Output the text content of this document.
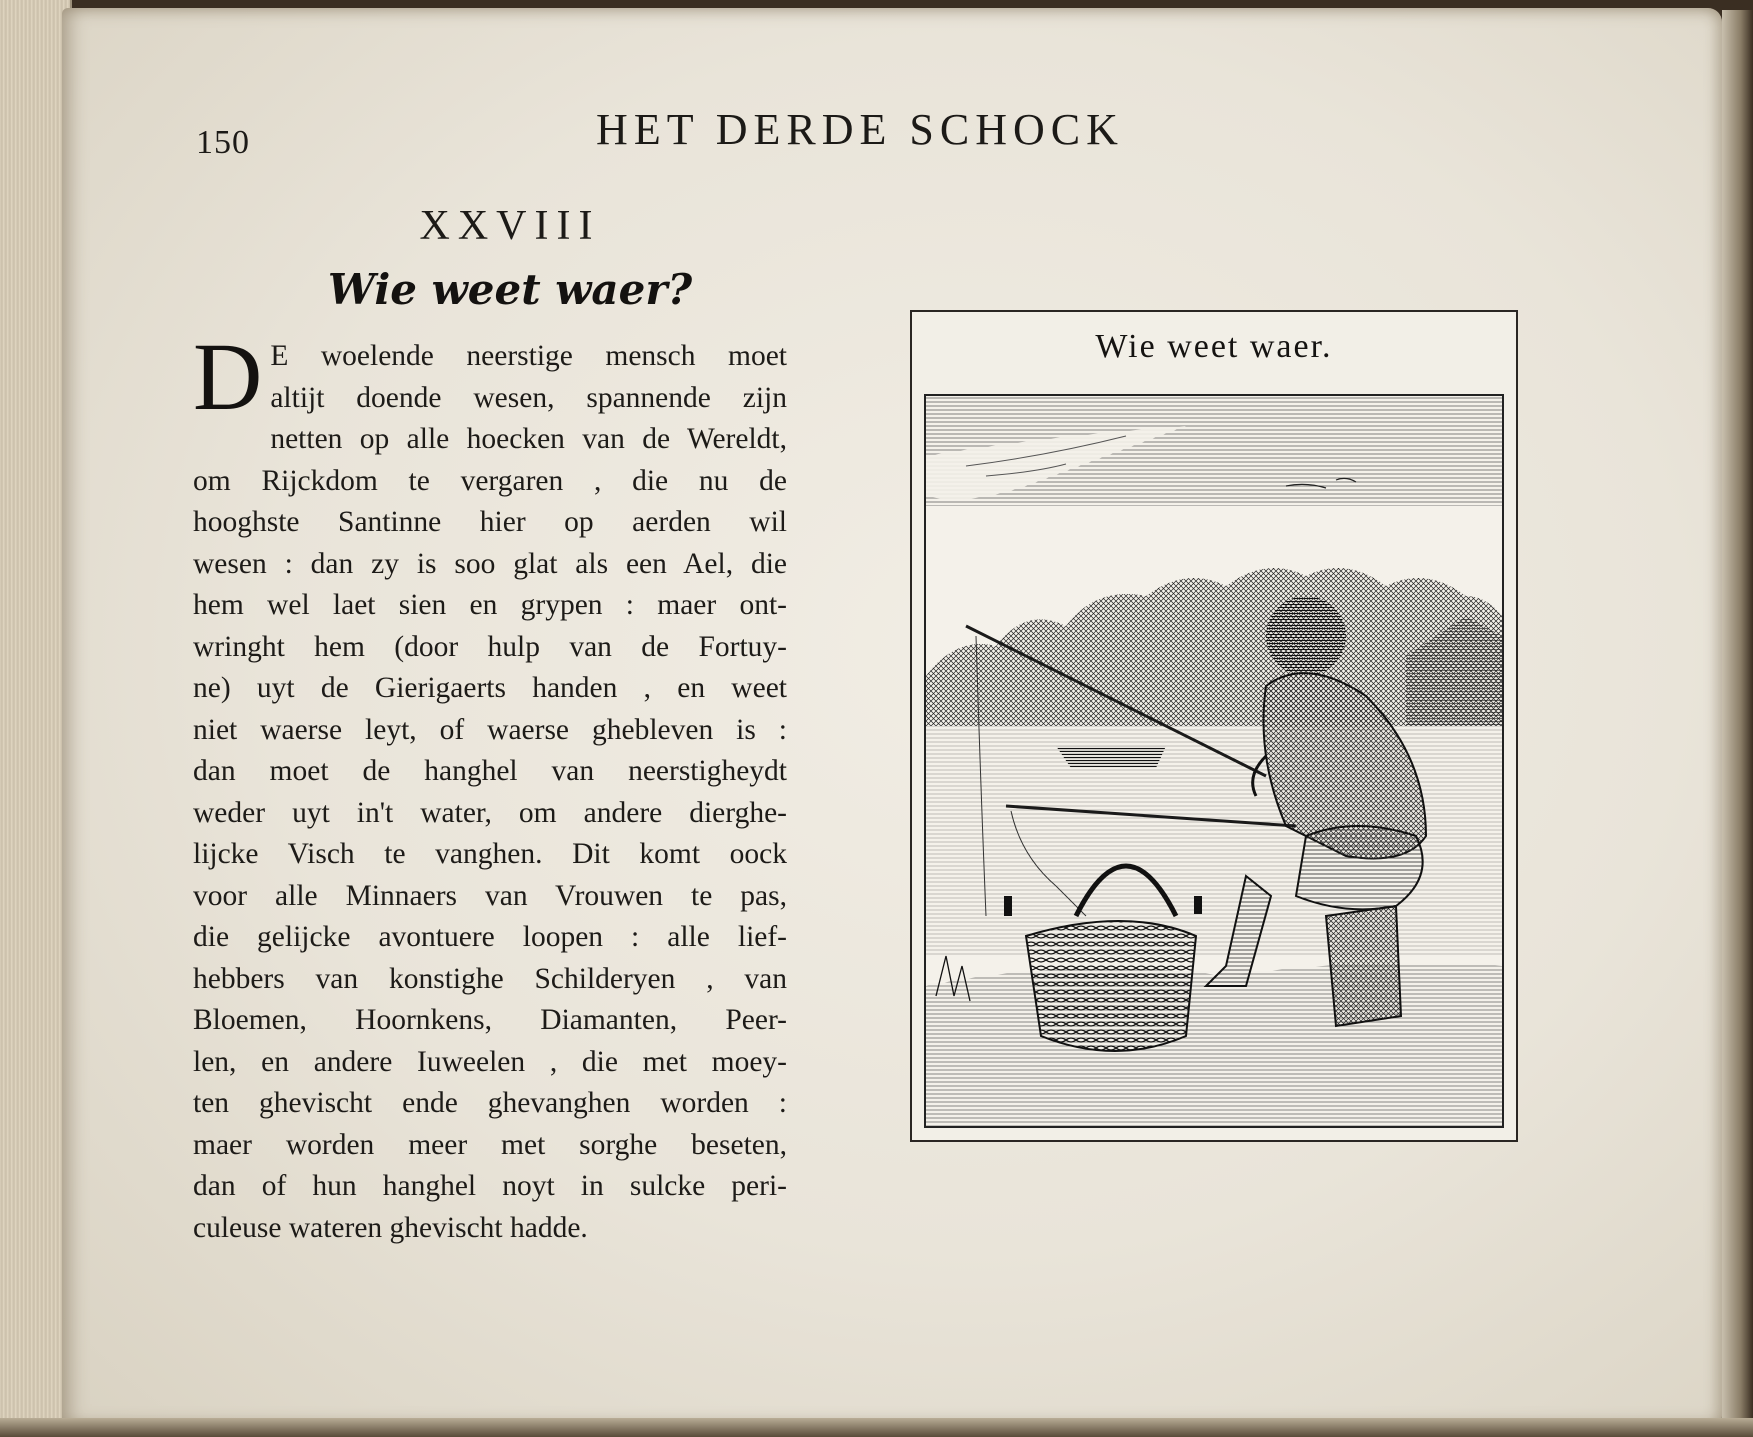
150	HET DERDE SCHOCK
XXVIII
Wie weet waer?
D E woelende neerstige mensch moet
altijt doende wesen, spannende zijn
netten op alle hoecken van de Wereldt,
om Rijckdom te vergaren , die nu de
hooghste Santinne hier op aerden wil
wesen : dan zy is soo glat als een Ael, die
hem wel laet sien en grypen : maer ont-
wringht hem (door hulp van de Fortuy-
ne) uyt de Gierigaerts handen , en weet
niet waerse leyt, of waerse ghebleven is :
dan moet de hanghel van neerstigheydt
weder uyt in't water, om andere dierghe-
lijcke Visch te vanghen. Dit komt oock
voor alle Minnaers van Vrouwen te pas,
die gelijcke avontuere loopen : alle lief-
hebbers van konstighe Schilderyen , van
Bloemen, Hoornkens, Diamanten, Peer-
len, en andere Iuweelen , die met moey-
ten ghevischt ende ghevanghen worden :
maer worden meer met sorghe beseten,
dan of hun hanghel noyt in sulcke peri-
culeuse wateren ghevischt hadde.
Wie weet waer.
